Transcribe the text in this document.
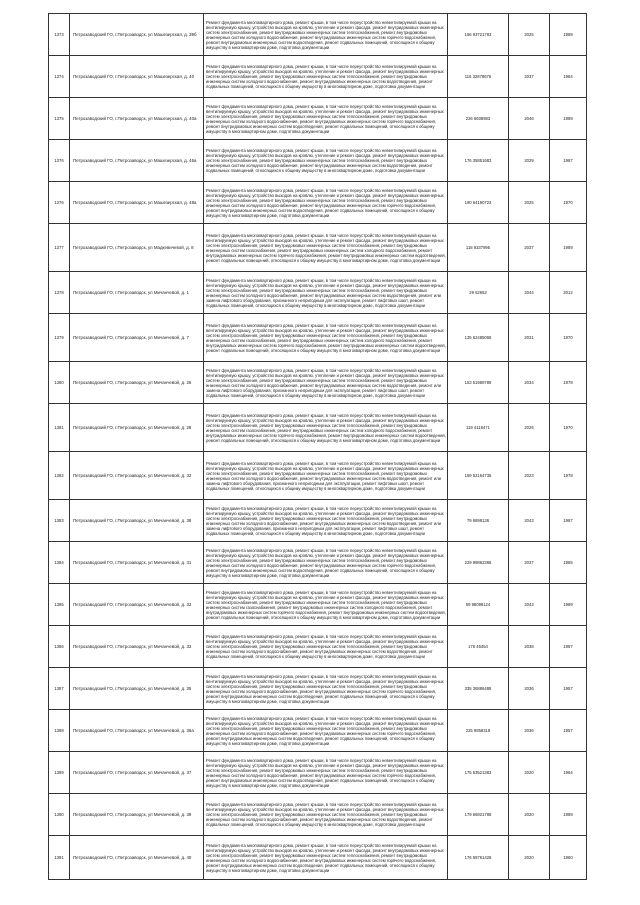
1373	Петрозаводский ГО, г.Петрозаводск, ул Машезерская, д. 39б	Ремонт фундамента многоквартирного дома, ремонт крыши, в том числе переустройство невентилируемой крыши на вентилируемую крышу, устройство выходов на кровлю, утепление и ремонт фасада, ремонт внутридомовых инженерных систем электроснабжения, ремонт внутридомовых инженерных систем теплоснабжения, ремонт внутридомовых инженерных систем холодного водоснабжения, ремонт внутридомовых инженерных систем горячего водоснабжения, ремонт внутридомовых инженерных систем водоотведения, ремонт подвальных помещений, относящихся к общему имуществу в многоквартирном доме, подготовка документации	156 93721783	2025	1989
1374	Петрозаводский ГО, г.Петрозаводск, ул Машезерская, д. 40	Ремонт фундамента многоквартирного дома, ремонт крыши, в том числе переустройство невентилируемой крыши на вентилируемую крышу, устройство выходов на кровлю, утепление и ремонт фасада, ремонт внутридомовых инженерных систем электроснабжения, ремонт внутридомовых инженерных систем теплоснабжения, ремонт внутридомовых инженерных систем холодного водоснабжения, ремонт внутридомовых инженерных систем водоотведения, ремонт подвальных помещений, относящихся к общему имуществу в многоквартирном доме, подготовка документации	116 32878676	2037	1984
1375	Петрозаводский ГО, г.Петрозаводск, ул Машезерская, д. 40а	Ремонт фундамента многоквартирного дома, ремонт крыши, в том числе переустройство невентилируемой крыши на вентилируемую крышу, устройство выходов на кровлю, утепление и ремонт фасада, ремонт внутридомовых инженерных систем электроснабжения, ремонт внутридомовых инженерных систем теплоснабжения, ремонт внутридомовых инженерных систем холодного водоснабжения, ремонт внутридомовых инженерных систем горячего водоснабжения, ремонт внутридомовых инженерных систем водоотведения, ремонт подвальных помещений, относящихся к общему имуществу в многоквартирном доме, подготовка документации	226 6608983	2046	1989
1376	Петрозаводский ГО, г.Петрозаводск, ул Машезерская, д. 46а	Ремонт фундамента многоквартирного дома, ремонт крыши, в том числе переустройство невентилируемой крыши на вентилируемую крышу, устройство выходов на кровлю, утепление и ремонт фасада, ремонт внутридомовых инженерных систем электроснабжения, ремонт внутридомовых инженерных систем теплоснабжения, ремонт внутридомовых инженерных систем холодного водоснабжения, ремонт внутридомовых инженерных систем водоотведения, ремонт подвальных помещений, относящихся к общему имуществу в многоквартирном доме, подготовка документации	176 35851683	2029	1987
1376	Петрозаводский ГО, г.Петрозаводск, ул Машезерская, д. 48а	Ремонт фундамента многоквартирного дома, ремонт крыши, в том числе переустройство невентилируемой крыши на вентилируемую крышу, устройство выходов на кровлю, утепление и ремонт фасада, ремонт внутридомовых инженерных систем электроснабжения, ремонт внутридомовых инженерных систем теплоснабжения, ремонт внутридомовых инженерных систем холодного водоснабжения, ремонт внутридомовых инженерных систем горячего водоснабжения, ремонт внутридомовых инженерных систем водоотведения, ремонт подвальных помещений, относящихся к общему имуществу в многоквартирном доме, подготовка документации	190 64190723	2025	1970
1377	Петрозаводский ГО, г.Петрозаводск, ул Мадкевичевой, д. 8	Ремонт фундамента многоквартирного дома, ремонт крыши, в том числе переустройство невентилируемой крыши на вентилируемую крышу, устройство выходов на кровлю, утепление и ремонт фасада, ремонт внутридомовых инженерных систем электроснабжения, ремонт внутридомовых инженерных систем теплоснабжения, ремонт внутридомовых инженерных систем газоснабжения, ремонт внутридомовых инженерных систем холодного водоснабжения, ремонт внутридомовых инженерных систем горячего водоснабжения, ремонт внутридомовых инженерных систем водоотведения, ремонт подвальных помещений, относящихся к общему имуществу в многоквартирном доме, подготовка документации	118 9337995	2037	1989
1378	Петрозаводский ГО, г.Петрозаводск, ул Мичанчевой, д. 1	Ремонт фундамента многоквартирного дома, ремонт крыши, в том числе переустройство невентилируемой крыши на вентилируемую крышу, устройство выходов на кровлю, утепление и ремонт фасада, ремонт внутридомовых инженерных систем электроснабжения, ремонт внутридомовых инженерных систем теплоснабжения, ремонт внутридомовых инженерных систем холодного водоснабжения, ремонт внутридомовых инженерных систем водоотведения, ремонт или замена лифтового оборудования, признанного непригодным для эксплуатации, ремонт лифтовых шахт, ремонт подвальных помещений, относящихся к общему имуществу в многоквартирном доме, подготовка документации	29 52653	2044	2012
1379	Петрозаводский ГО, г.Петрозаводск, ул Мичанчевой, д. 7	Ремонт фундамента многоквартирного дома, ремонт крыши, в том числе переустройство невентилируемой крыши на вентилируемую крышу, устройство выходов на кровлю, утепление и ремонт фасада, ремонт внутридомовых инженерных систем электроснабжения, ремонт внутридомовых инженерных систем теплоснабжения, ремонт внутридомовых инженерных систем газоснабжения, ремонт внутридомовых инженерных систем холодного водоснабжения, ремонт внутридомовых инженерных систем горячего водоснабжения, ремонт внутридомовых инженерных систем водоотведения, ремонт подвальных помещений, относящихся к общему имуществу в многоквартирном доме, подготовка документации	135 62485068	2031	1970
1380	Петрозаводский ГО, г.Петрозаводск, ул Мичанчевой, д. 26	Ремонт фундамента многоквартирного дома, ремонт крыши, в том числе переустройство невентилируемой крыши на вентилируемую крышу, устройство выходов на кровлю, утепление и ремонт фасада, ремонт внутридомовых инженерных систем электроснабжения, ремонт внутридомовых инженерных систем теплоснабжения, ремонт внутридомовых инженерных систем холодного водоснабжения, ремонт внутридомовых инженерных систем водоотведения, ремонт или замена лифтового оборудования, признанного непригодным для эксплуатации, ремонт лифтовых шахт, ремонт подвальных помещений, относящихся к общему имуществу в многоквартирном доме, подготовка документации	153 51989789	2034	1978
1381	Петрозаводский ГО, г.Петрозаводск, ул Мичанчевой, д. 28	Ремонт фундамента многоквартирного дома, ремонт крыши, в том числе переустройство невентилируемой крыши на вентилируемую крышу, устройство выходов на кровлю, утепление и ремонт фасада, ремонт внутридомовых инженерных систем электроснабжения, ремонт внутридомовых инженерных систем теплоснабжения, ремонт внутридомовых инженерных систем газоснабжения, ремонт внутридомовых инженерных систем холодного водоснабжения, ремонт внутридомовых инженерных систем горячего водоснабжения, ремонт внутридомовых инженерных систем водоотведения, ремонт подвальных помещений, относящихся к общему имуществу в многоквартирном доме, подготовка документации	119 4118471	2026	1970
1382	Петрозаводский ГО, г.Петрозаводск, ул Мичанчевой, д. 32	Ремонт фундамента многоквартирного дома, ремонт крыши, в том числе переустройство невентилируемой крыши на вентилируемую крышу, устройство выходов на кровлю, утепление и ремонт фасада, ремонт внутридомовых инженерных систем электроснабжения, ремонт внутридомовых инженерных систем теплоснабжения, ремонт внутридомовых инженерных систем холодного водоснабжения, ремонт внутридомовых инженерных систем водоотведения, ремонт или замена лифтового оборудования, признанного непригодным для эксплуатации, ремонт лифтовых шахт, ремонт подвальных помещений, относящихся к общему имуществу в многоквартирном доме, подготовка документации	159 52164735	2023	1978
1383	Петрозаводский ГО, г.Петрозаводск, ул Мичанчевой, д. 38	Ремонт фундамента многоквартирного дома, ремонт крыши, в том числе переустройство невентилируемой крыши на вентилируемую крышу, устройство выходов на кровлю, утепление и ремонт фасада, ремонт внутридомовых инженерных систем электроснабжения, ремонт внутридомовых инженерных систем теплоснабжения, ремонт внутридомовых инженерных систем холодного водоснабжения, ремонт внутридомовых инженерных систем водоотведения, ремонт или замена лифтового оборудования, признанного непригодным для эксплуатации, ремонт лифтовых шахт, ремонт подвальных помещений, относящихся к общему имуществу в многоквартирном доме, подготовка документации	79 6898136	2043	1987
1384	Петрозаводский ГО, г.Петрозаводск, ул Мичанчевой, д. 31	Ремонт фундамента многоквартирного дома, ремонт крыши, в том числе переустройство невентилируемой крыши на вентилируемую крышу, устройство выходов на кровлю, утепление и ремонт фасада, ремонт внутридомовых инженерных систем электроснабжения, ремонт внутридомовых инженерных систем теплоснабжения, ремонт внутридомовых инженерных систем холодного водоснабжения, ремонт внутридомовых инженерных систем горячего водоснабжения, ремонт внутридомовых инженерных систем водоотведения, ремонт подвальных помещений, относящихся к общему имуществу в многоквартирном доме, подготовка документации	229 99862366	2037	1965
1385	Петрозаводский ГО, г.Петрозаводск, ул Мичанчевой, д. 32	Ремонт фундамента многоквартирного дома, ремонт крыши, в том числе переустройство невентилируемой крыши на вентилируемую крышу, устройство выходов на кровлю, утепление и ремонт фасада, ремонт внутридомовых инженерных систем электроснабжения, ремонт внутридомовых инженерных систем теплоснабжения, ремонт внутридомовых инженерных систем газоснабжения, ремонт внутридомовых инженерных систем холодного водоснабжения, ремонт внутридомовых инженерных систем горячего водоснабжения, ремонт внутридомовых инженерных систем водоотведения, ремонт подвальных помещений, относящихся к общему имуществу в многоквартирном доме, подготовка документации	59 98098124	2043	1989
1386	Петрозаводский ГО, г.Петрозаводск, ул Мичанчевой, д. 33	Ремонт фундамента многоквартирного дома, ремонт крыши, в том числе переустройство невентилируемой крыши на вентилируемую крышу, устройство выходов на кровлю, утепление и ремонт фасада, ремонт внутридомовых инженерных систем электроснабжения, ремонт внутридомовых инженерных систем теплоснабжения, ремонт внутридомовых инженерных систем холодного водоснабжения, ремонт внутридомовых инженерных систем водоотведения, ремонт подвальных помещений, относящихся к общему имуществу в многоквартирном доме, подготовка документации	176 46454	2038	1987
1387	Петрозаводский ГО, г.Петрозаводск, ул Мичанчевой, д. 35	Ремонт фундамента многоквартирного дома, ремонт крыши, в том числе переустройство невентилируемой крыши на вентилируемую крышу, устройство выходов на кровлю, утепление и ремонт фасада, ремонт внутридомовых инженерных систем электроснабжения, ремонт внутридомовых инженерных систем теплоснабжения, ремонт внутридомовых инженерных систем холодного водоснабжения, ремонт внутридомовых инженерных систем горячего водоснабжения, ремонт внутридомовых инженерных систем водоотведения, ремонт подвальных помещений, относящихся к общему имуществу в многоквартирном доме, подготовка документации	335 36886488	2036	1957
1388	Петрозаводский ГО, г.Петрозаводск, ул Мичанчевой, д. 36а	Ремонт фундамента многоквартирного дома, ремонт крыши, в том числе переустройство невентилируемой крыши на вентилируемую крышу, устройство выходов на кровлю, утепление и ремонт фасада, ремонт внутридомовых инженерных систем электроснабжения, ремонт внутридомовых инженерных систем теплоснабжения, ремонт внутридомовых инженерных систем холодного водоснабжения, ремонт внутридомовых инженерных систем горячего водоснабжения, ремонт внутридомовых инженерных систем водоотведения, ремонт подвальных помещений, относящихся к общему имуществу в многоквартирном доме, подготовка документации	225 9858318	2036	1957
1389	Петрозаводский ГО, г.Петрозаводск, ул Мичанчевой, д. 37	Ремонт фундамента многоквартирного дома, ремонт крыши, в том числе переустройство невентилируемой крыши на вентилируемую крышу, устройство выходов на кровлю, утепление и ремонт фасада, ремонт внутридомовых инженерных систем электроснабжения, ремонт внутридомовых инженерных систем теплоснабжения, ремонт внутридомовых инженерных систем холодного водоснабжения, ремонт внутридомовых инженерных систем горячего водоснабжения, ремонт внутридомовых инженерных систем водоотведения, ремонт подвальных помещений, относящихся к общему имуществу в многоквартирном доме, подготовка документации	175 53521383	2020	1964
1390	Петрозаводский ГО, г.Петрозаводск, ул Мичанчевой, д. 39	Ремонт фундамента многоквартирного дома, ремонт крыши, в том числе переустройство невентилируемой крыши на вентилируемую крышу, устройство выходов на кровлю, утепление и ремонт фасада, ремонт внутридомовых инженерных систем электроснабжения, ремонт внутридомовых инженерных систем теплоснабжения, ремонт внутридомовых инженерных систем холодного водоснабжения, ремонт внутридомовых инженерных систем водоотведения, ремонт подвальных помещений, относящихся к общему имуществу в многоквартирном доме, подготовка документации	179 66921788	2020	1989
1391	Петрозаводский ГО, г.Петрозаводск, ул Мичанчевой, д. 40	Ремонт фундамента многоквартирного дома, ремонт крыши, в том числе переустройство невентилируемой крыши на вентилируемую крышу, устройство выходов на кровлю, утепление и ремонт фасада, ремонт внутридомовых инженерных систем электроснабжения, ремонт внутридомовых инженерных систем теплоснабжения, ремонт внутридомовых инженерных систем холодного водоснабжения, ремонт внутридомовых инженерных систем горячего водоснабжения, ремонт внутридомовых инженерных систем водоотведения, ремонт подвальных помещений, относящихся к общему имуществу в многоквартирном доме, подготовка документации	176 58761428	2020	1960
